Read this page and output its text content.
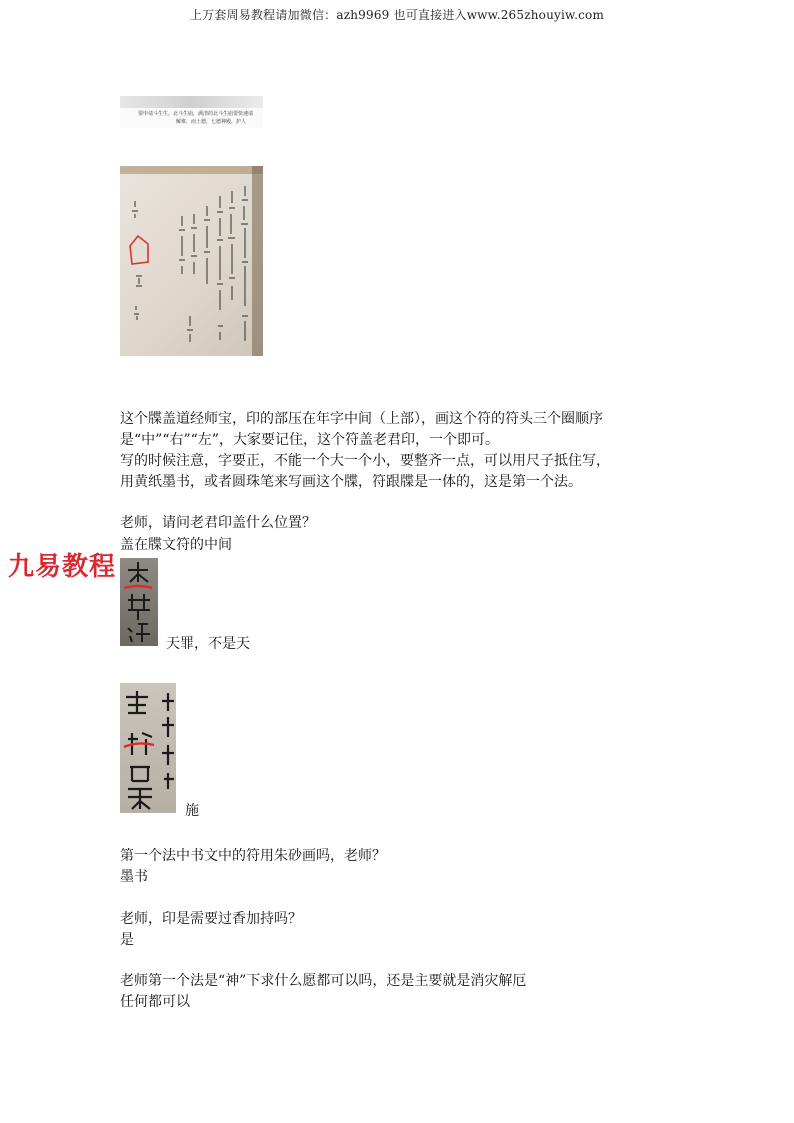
上万套周易教程请加微信：azh9969 也可直接进入www.265zhouyiw.com
要申请斗生生，北斗生庙，满清的北斗生庙要快速请
解难，而土德，七德神殿，护人
这个牒盖道经师宝，印的部压在年字中间（上部），画这个符的符头三个圈顺序
是“中”“右”“左”，大家要记住，这个符盖老君印，一个即可。
写的时候注意，字要正，不能一个大一个小，要整齐一点，可以用尺子抵住写，
用黄纸墨书，或者圆珠笔来写画这个牒，符跟牒是一体的，这是第一个法。
老师，请问老君印盖什么位置？
盖在牒文符的中间
九易教程
天罪，不是天
施
第一个法中书文中的符用朱砂画吗，老师？
墨书
老师，印是需要过香加持吗？
是
老师第一个法是“神”下求什么愿都可以吗，还是主要就是消灾解厄
任何都可以
